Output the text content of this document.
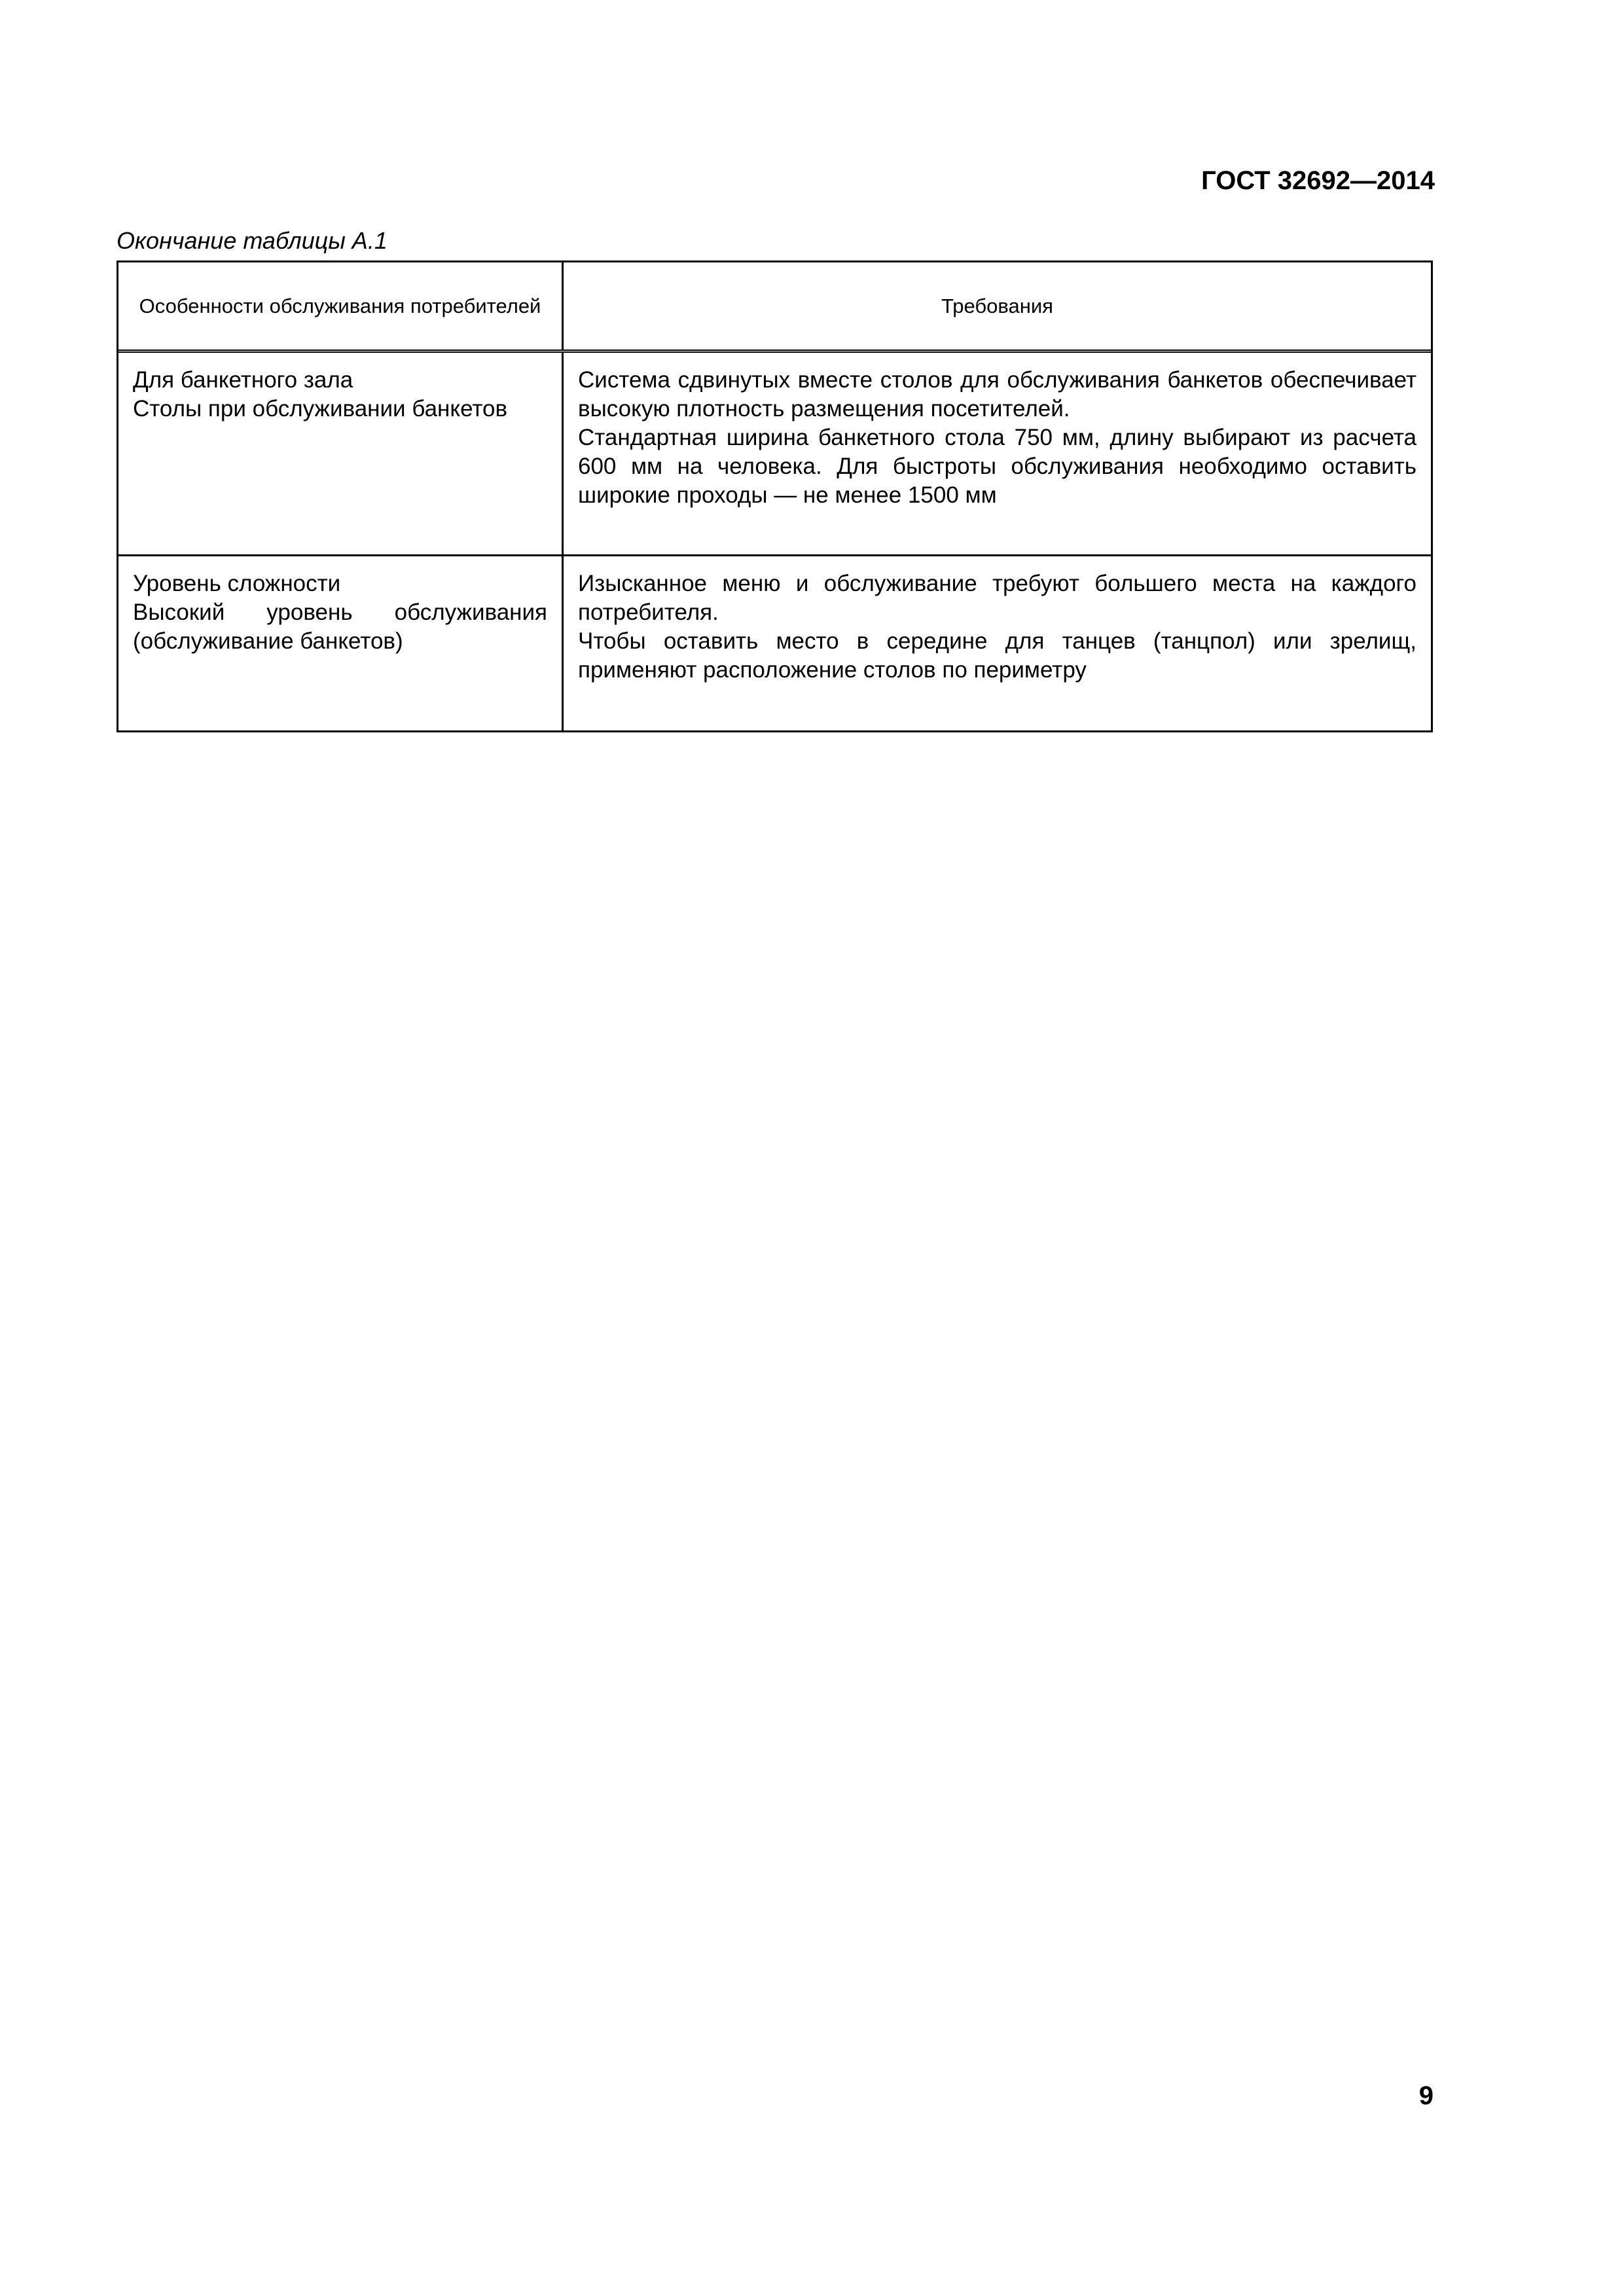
ГОСТ 32692—2014
Окончание таблицы А.1
Особенности обслуживания потребителей	Требования
Для банкетного зала
Столы при обслуживании банкетов
Система сдвинутых вместе столов для обслуживания банкетов обеспечивает высокую плотность размещения посетителей.
Стандартная ширина банкетного стола 750 мм, длину выбирают из расчета 600 мм на человека. Для быстроты обслуживания необходимо оставить широкие проходы — не менее 1500 мм
Уровень сложности
Высокий уровень обслуживания (обслуживание банкетов)
Изысканное меню и обслуживание требуют большего места на каждого потребителя.
Чтобы оставить место в середине для танцев (танцпол) или зрелищ, применяют расположение столов по периметру
9
